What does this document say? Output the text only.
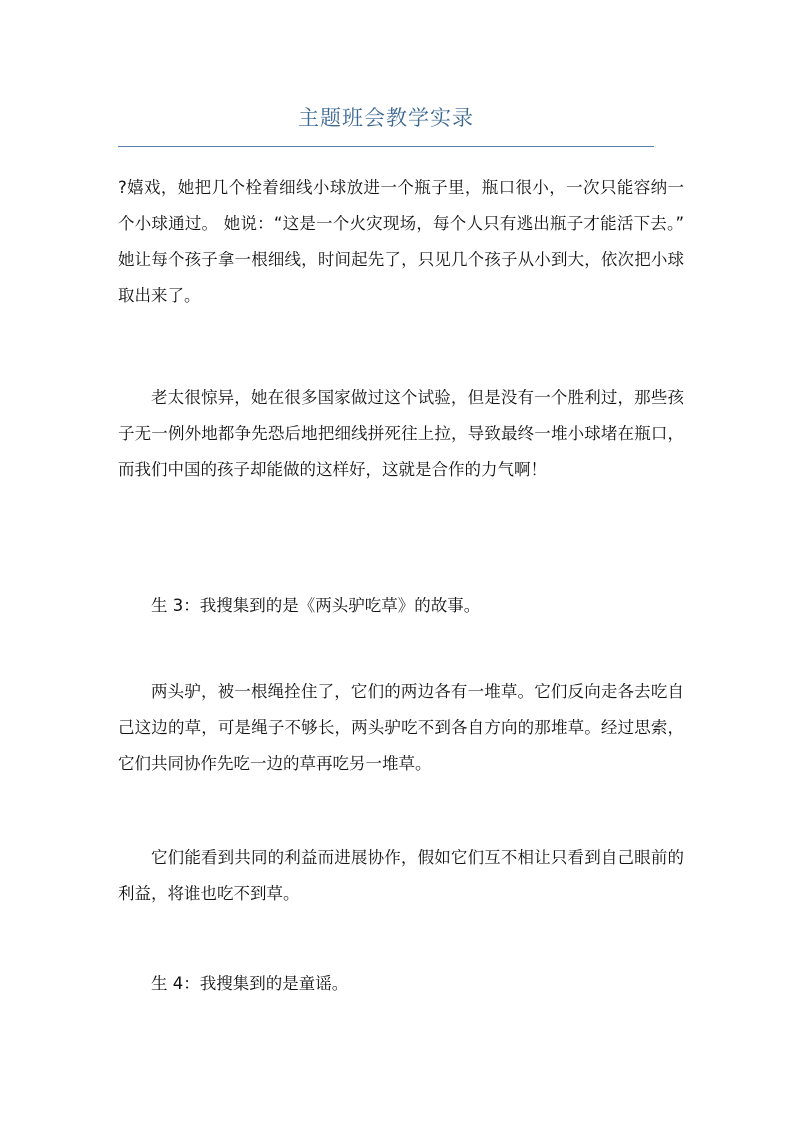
主题班会教学实录

?嬉戏，她把几个栓着细线小球放进一个瓶子里，瓶口很小，一次只能容纳一个小球通过。 她说：“这是一个火灾现场，每个人只有逃出瓶子才能活下去。” 她让每个孩子拿一根细线，时间起先了，只见几个孩子从小到大，依次把小球取出来了。

老太很惊异，她在很多国家做过这个试验，但是没有一个胜利过，那些孩子无一例外地都争先恐后地把细线拼死往上拉，导致最终一堆小球堵在瓶口， 而我们中国的孩子却能做的这样好，这就是合作的力气啊！

生 3：我搜集到的是《两头驴吃草》的故事。

两头驴，被一根绳拴住了，它们的两边各有一堆草。它们反向走各去吃自己这边的草，可是绳子不够长，两头驴吃不到各自方向的那堆草。经过思索，它们共同协作先吃一边的草再吃另一堆草。

它们能看到共同的利益而进展协作，假如它们互不相让只看到自己眼前的利益，将谁也吃不到草。

生 4：我搜集到的是童谣。
